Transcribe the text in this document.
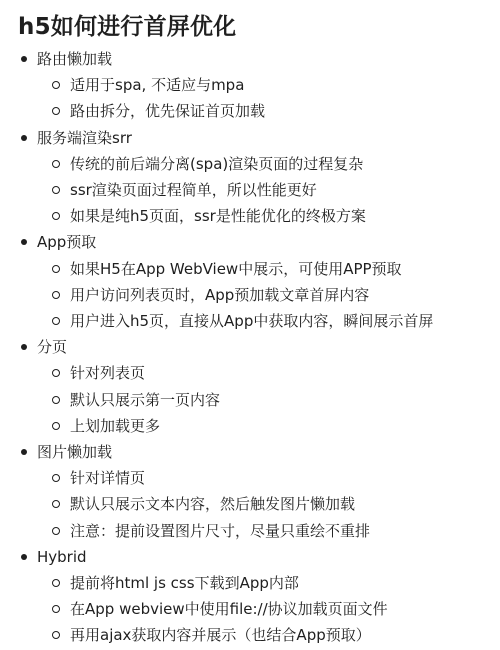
h5如何进行首屏优化
路由懒加载
适用于spa, 不适应与mpa
路由拆分，优先保证首页加载
服务端渲染srr
传统的前后端分离(spa)渲染页面的过程复杂
ssr渲染页面过程简单，所以性能更好
如果是纯h5页面，ssr是性能优化的终极方案
App预取
如果H5在App WebView中展示，可使用APP预取
用户访问列表页时，App预加载文章首屏内容
用户进入h5页，直接从App中获取内容，瞬间展示首屏
分页
针对列表页
默认只展示第一页内容
上划加载更多
图片懒加载
针对详情页
默认只展示文本内容，然后触发图片懒加载
注意：提前设置图片尺寸，尽量只重绘不重排
Hybrid
提前将html js css下载到App内部
在App webview中使用file://协议加载页面文件
再用ajax获取内容并展示（也结合App预取）
